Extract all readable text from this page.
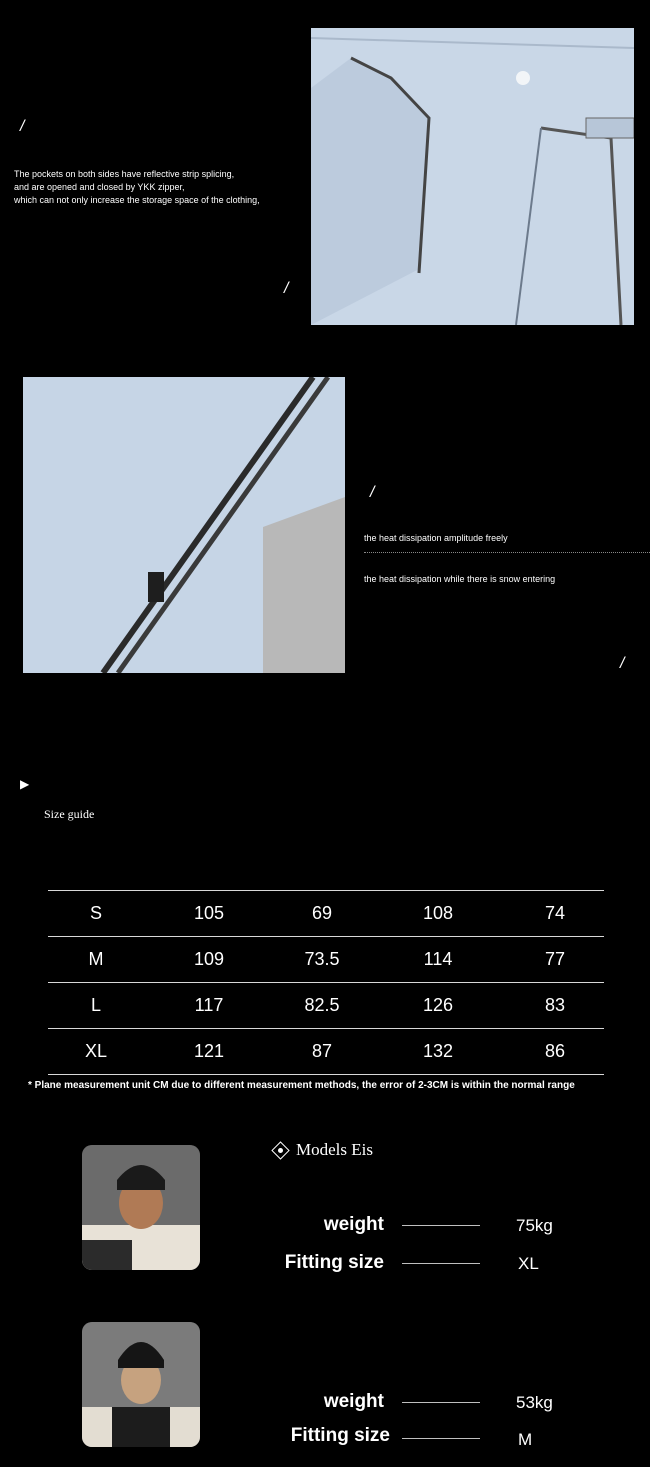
/
The pockets on both sides have reflective strip splicing,
and are opened and closed by YKK zipper,
which can not only increase the storage space of the clothing,
/
/
the heat dissipation amplitude freely
the heat dissipation while there is snow entering
/
▶
Size guide
S	105	69	108	74
M	109	73.5	114	77
L	117	82.5	126	83
XL	121	87	132	86
* Plane measurement unit CM due to different measurement methods, the error of 2-3CM is within the normal range
Models Eis
weight	75kg
Fitting size	XL
weight	53kg
Fitting size	M
